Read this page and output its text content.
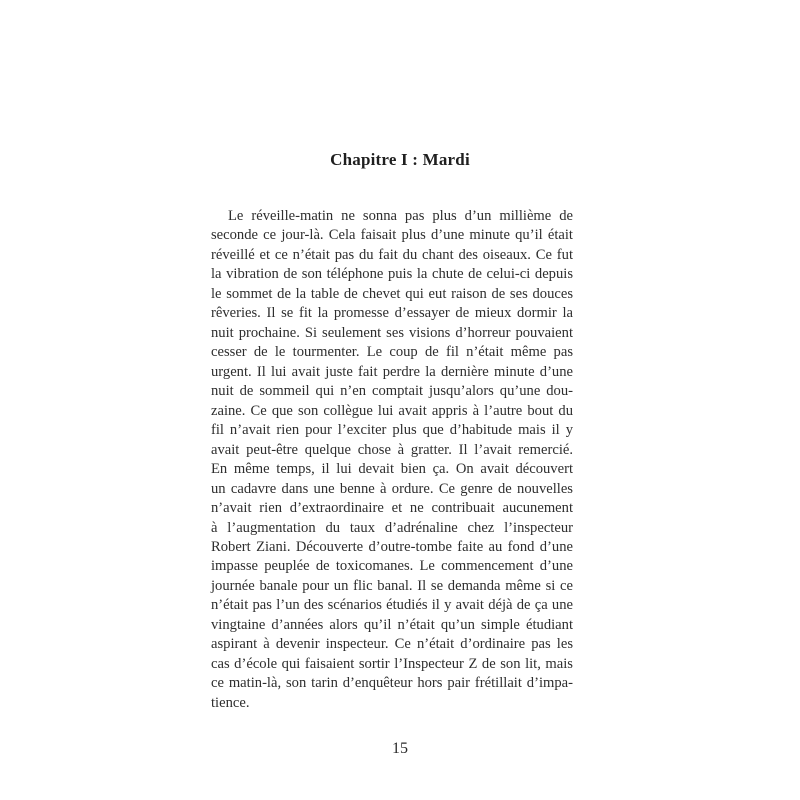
Chapitre I : Mardi
Le réveille-matin ne sonna pas plus d’un millième de
seconde ce jour-là. Cela faisait plus d’une minute qu’il était
réveillé et ce n’était pas du fait du chant des oiseaux. Ce fut
la vibration de son téléphone puis la chute de celui-ci depuis
le sommet de la table de chevet qui eut raison de ses douces
rêveries. Il se fit la promesse d’essayer de mieux dormir la
nuit prochaine. Si seulement ses visions d’horreur pouvaient
cesser de le tourmenter. Le coup de fil n’était même pas
urgent. Il lui avait juste fait perdre la dernière minute d’une
nuit de sommeil qui n’en comptait jusqu’alors qu’une dou-
zaine. Ce que son collègue lui avait appris à l’autre bout du
fil n’avait rien pour l’exciter plus que d’habitude mais il y
avait peut-être quelque chose à gratter. Il l’avait remercié.
En même temps, il lui devait bien ça. On avait découvert
un cadavre dans une benne à ordure. Ce genre de nouvelles
n’avait rien d’extraordinaire et ne contribuait aucunement
à l’augmentation du taux d’adrénaline chez l’inspecteur
Robert Ziani. Découverte d’outre-tombe faite au fond d’une
impasse peuplée de toxicomanes. Le commencement d’une
journée banale pour un flic banal. Il se demanda même si ce
n’était pas l’un des scénarios étudiés il y avait déjà de ça une
vingtaine d’années alors qu’il n’était qu’un simple étudiant
aspirant à devenir inspecteur. Ce n’était d’ordinaire pas les
cas d’école qui faisaient sortir l’Inspecteur Z de son lit, mais
ce matin-là, son tarin d’enquêteur hors pair frétillait d’impa-
tience.
15
